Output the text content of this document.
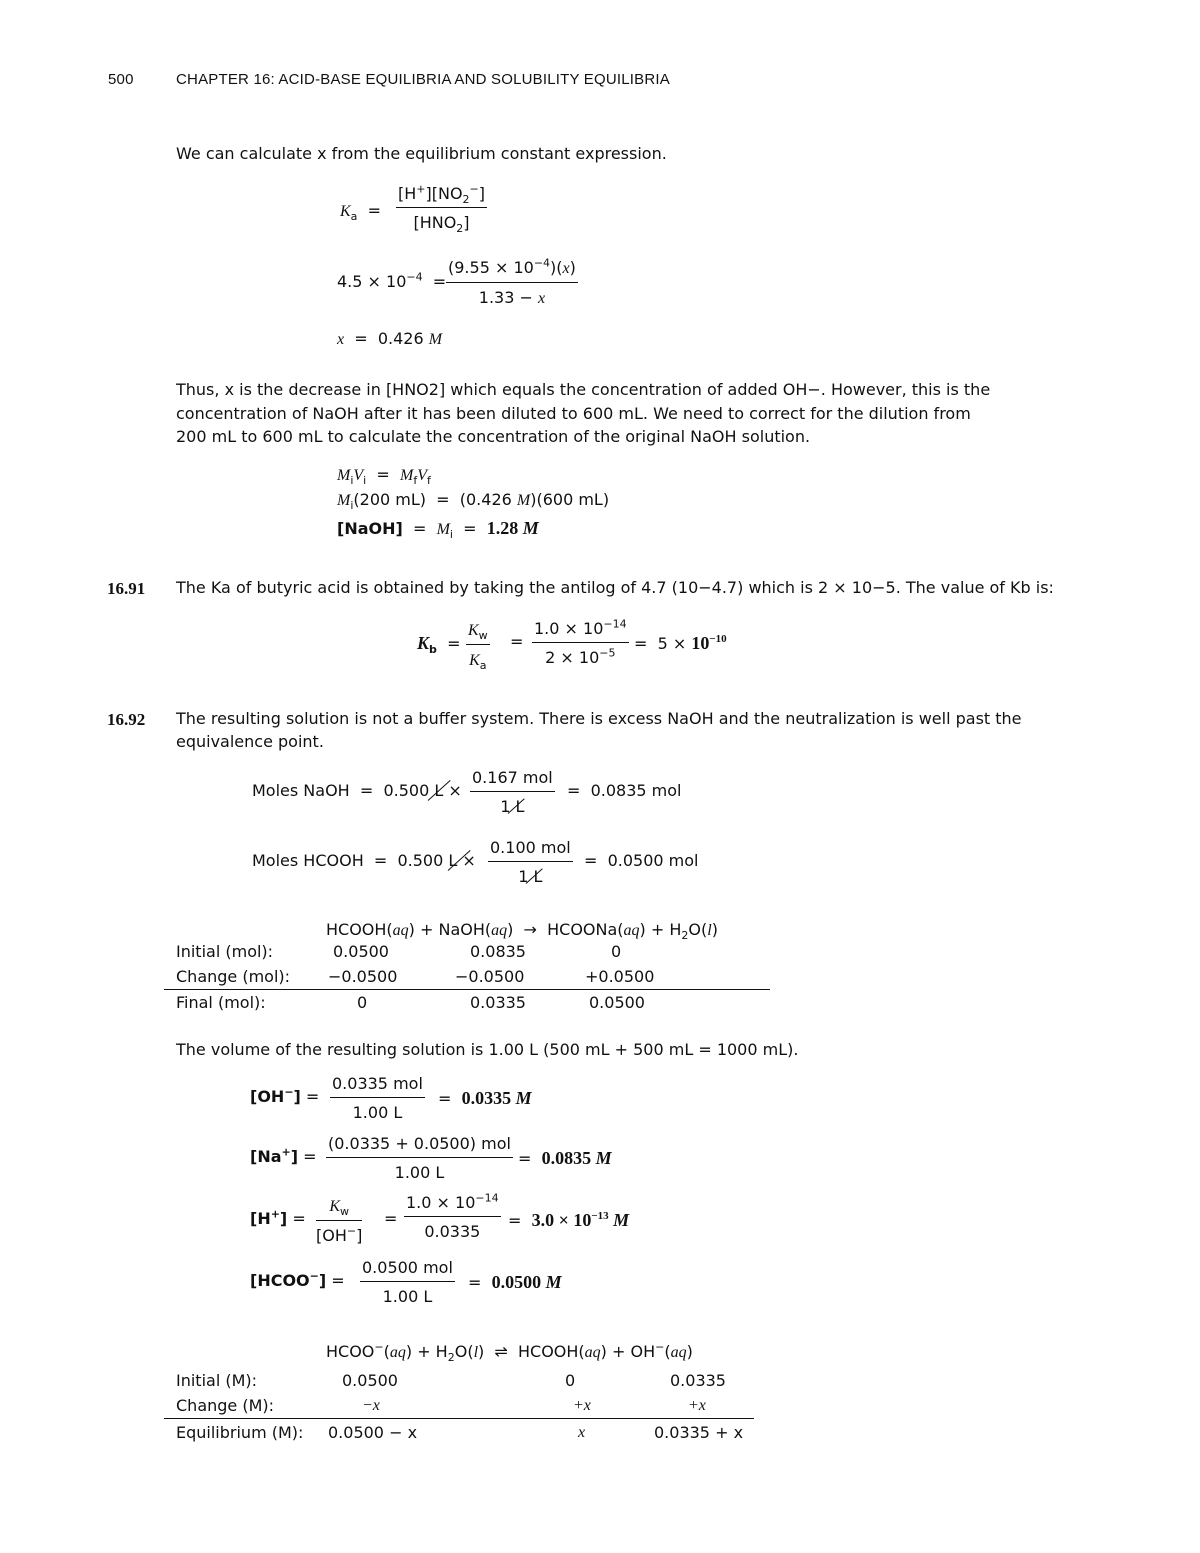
500	CHAPTER 16: ACID-BASE EQUILIBRIA AND SOLUBILITY EQUILIBRIA
We can calculate x from the equilibrium constant expression.
$K_a$  =
$[H^+][NO_2^-]$
$[HNO_2]$
$4.5 \times 10^{-4} = \frac{(9.55 \times 10^{-4})(x)}{1.33 - x}$
x  =  0.426 M
Thus, x is the decrease in [HNO2] which equals the concentration of added OH−. However, this is the
concentration of NaOH after it has been diluted to 600 mL. We need to correct for the dilution from
200 mL to 600 mL to calculate the concentration of the original NaOH solution.
$M_iV_i = M_fV_f$
$M_i(200$ mL)  =  (0.426 M)(600 mL)
[NaOH]  =  $M_i = 1.28$ M
16.91 The Ka of butyric acid is obtained by taking the antilog of 4.7 (10−4.7) which is 2 × 10−5. The value of Kb is:
$K_b = \frac{K_w}{K_a} = \frac{1.0 \times 10^{-14}}{2 \times 10^{-5}} = 5 \times 10^{-10}$
16.92 The resulting solution is not a buffer system. There is excess NaOH and the neutralization is well past the
equivalence point.
Moles NaOH  =  0.500 L ×
0.167 mol
1 L
=  0.0835 mol
Moles HCOOH  =  0.500 L ×
0.100 mol
1 L
=  0.0500 mol
HCOOH(aq) + NaOH(aq)  →  HCOONa(aq) + $H_2O(l)$
Initial (mol):	0.0500	0.0835	0
Change (mol): −0.0500	−0.0500	+0.0500
Final (mol):	0	0.0335	0.0500
The volume of the resulting solution is 1.00 L (500 mL + 500 mL = 1000 mL).
[OH−] =
0.0335 mol
1.00 L
=  0.0335 M
[Na+] =
(0.0335 + 0.0500) mol
1.00 L
=  0.0835 M
$[H^+] = \frac{K_w}{[OH^-]} = \frac{1.0 \times 10^{-14}}{0.0335} = 3.0 \times 10^{-13}$ M
[HCOO−] =
0.0500 mol
1.00 L
=  0.0500 M
HCOO−(aq) + $H_2O(l)$  ⇌  HCOOH(aq) + OH−(aq)
Initial (M):	0.0500	0	0.0335
Change (M):	−x	+x	+x
Equilibrium (M): 0.0500 − x	x	0.0335 + x
